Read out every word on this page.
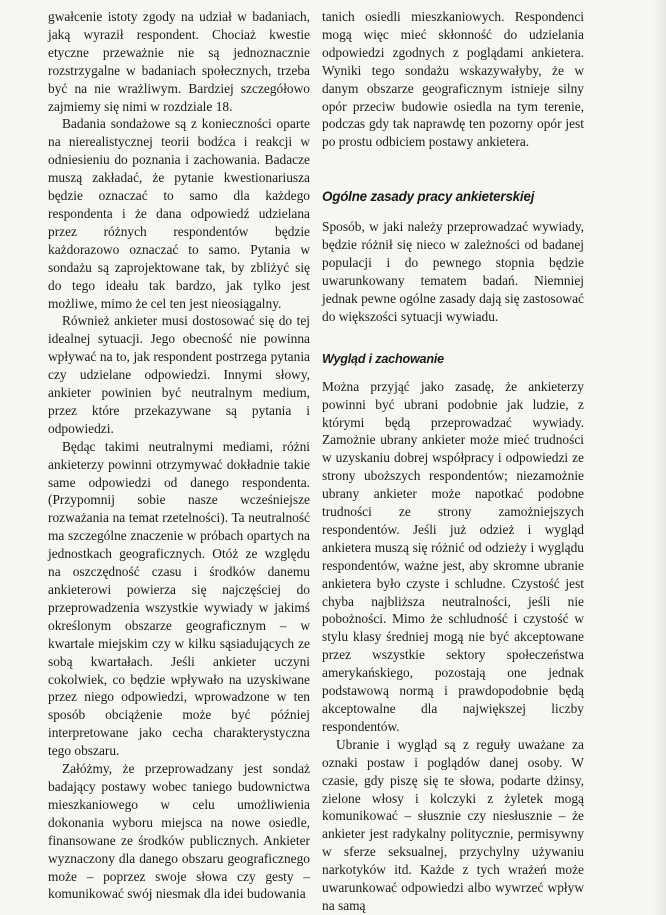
gwałcenie istoty zgody na udział w badaniach, jaką wyraził respondent. Chociaż kwestie etyczne przeważnie nie są jednoznacznie rozstrzygalne w badaniach społecznych, trzeba być na nie wrażliwym. Bardziej szczegółowo zajmiemy się nimi w rozdziale 18.

Badania sondażowe są z konieczności oparte na nierealistycznej teorii bodźca i reakcji w odniesieniu do poznania i zachowania. Badacze muszą zakładać, że pytanie kwestionariusza będzie oznaczać to samo dla każdego respondenta i że dana odpowiedź udzielana przez różnych respondentów będzie każdorazowo oznaczać to samo. Pytania w sondażu są zaprojektowane tak, by zbliżyć się do tego ideału tak bardzo, jak tylko jest możliwe, mimo że cel ten jest nieosiągalny.

Również ankieter musi dostosować się do tej idealnej sytuacji. Jego obecność nie powinna wpływać na to, jak respondent postrzega pytania czy udzielane odpowiedzi. Innymi słowy, ankieter powinien być neutralnym medium, przez które przekazywane są pytania i odpowiedzi.

Będąc takimi neutralnymi mediami, różni ankieterzy powinni otrzymywać dokładnie takie same odpowiedzi od danego respondenta. (Przypomnij sobie nasze wcześniejsze rozważania na temat rzetelności). Ta neutralność ma szczególne znaczenie w próbach opartych na jednostkach geograficznych. Otóż ze względu na oszczędność czasu i środków danemu ankieterowi powierza się najczęściej do przeprowadzenia wszystkie wywiady w jakimś określonym obszarze geograficznym – w kwartale miejskim czy w kilku sąsiadujących ze sobą kwartałach. Jeśli ankieter uczyni cokolwiek, co będzie wpływało na uzyskiwane przez niego odpowiedzi, wprowadzone w ten sposób obciążenie może być później interpretowane jako cecha charakterystyczna tego obszaru.

Załóżmy, że przeprowadzany jest sondaż badający postawy wobec taniego budownictwa mieszkaniowego w celu umożliwienia dokonania wyboru miejsca na nowe osiedle, finansowane ze środków publicznych. Ankieter wyznaczony dla danego obszaru geograficznego może – poprzez swoje słowa czy gesty – komunikować swój niesmak dla idei budowania

tanich osiedli mieszkaniowych. Respondenci mogą więc mieć skłonność do udzielania odpowiedzi zgodnych z poglądami ankietera. Wyniki tego sondażu wskazywałyby, że w danym obszarze geograficznym istnieje silny opór przeciw budowie osiedla na tym terenie, podczas gdy tak naprawdę ten pozorny opór jest po prostu odbiciem postawy ankietera.

Ogólne zasady pracy ankieterskiej

Sposób, w jaki należy przeprowadzać wywiady, będzie różnił się nieco w zależności od badanej populacji i do pewnego stopnia będzie uwarunkowany tematem badań. Niemniej jednak pewne ogólne zasady dają się zastosować do większości sytuacji wywiadu.

Wygląd i zachowanie

Można przyjąć jako zasadę, że ankieterzy powinni być ubrani podobnie jak ludzie, z którymi będą przeprowadzać wywiady. Zamożnie ubrany ankieter może mieć trudności w uzyskaniu dobrej współpracy i odpowiedzi ze strony uboższych respondentów; niezamożnie ubrany ankieter może napotkać podobne trudności ze strony zamożniejszych respondentów. Jeśli już odzież i wygląd ankietera muszą się różnić od odzieży i wyglądu respondentów, ważne jest, aby skromne ubranie ankietera było czyste i schludne. Czystość jest chyba najbliższa neutralności, jeśli nie pobożności. Mimo że schludność i czystość w stylu klasy średniej mogą nie być akceptowane przez wszystkie sektory społeczeństwa amerykańskiego, pozostają one jednak podstawową normą i prawdopodobnie będą akceptowalne dla największej liczby respondentów.

Ubranie i wygląd są z reguły uważane za oznaki postaw i poglądów danej osoby. W czasie, gdy piszę się te słowa, podarte dżinsy, zielone włosy i kolczyki z żyletek mogą komunikować – słusznie czy niesłusznie – że ankieter jest radykalny politycznie, permisywny w sferze seksualnej, przychylny używaniu narkotyków itd. Każde z tych wrażeń może uwarunkować odpowiedzi albo wywrzeć wpływ na samą
